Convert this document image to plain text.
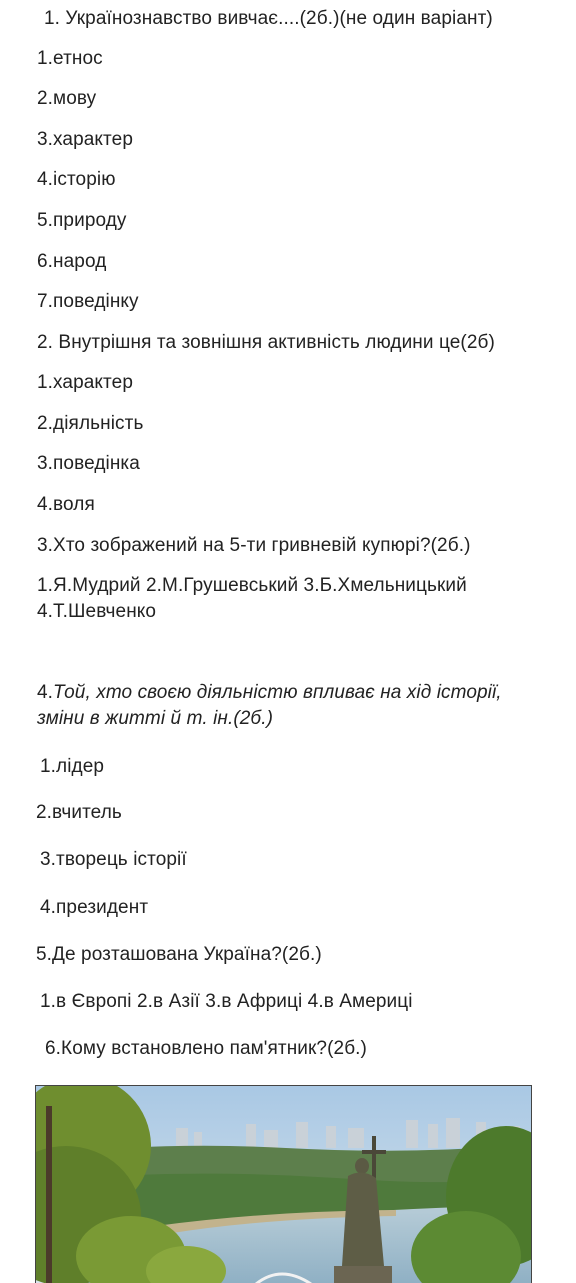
1. Українознавство вивчає....(2б.)(не один варіант)
1.етнос
2.мову
3.характер
4.історію
5.природу
6.народ
7.поведінку
2. Внутрішня та зовнішня активність людини це(2б)
1.характер
2.діяльність
3.поведінка
4.воля
3.Хто зображений на 5-ти гривневій купюрі?(2б.)
1.Я.Мудрий 2.М.Грушевський 3.Б.Хмельницький
4.Т.Шевченко
4.Той, хто своєю діяльністю впливає на хід історії,
зміни в житті й т. ін.(2б.)
1.лідер
2.вчитель
3.творець історії
4.президент
5.Де розташована Україна?(2б.)
1.в Європі 2.в Азії 3.в Африці 4.в Америці
6.Кому встановлено пам'ятник?(2б.)
